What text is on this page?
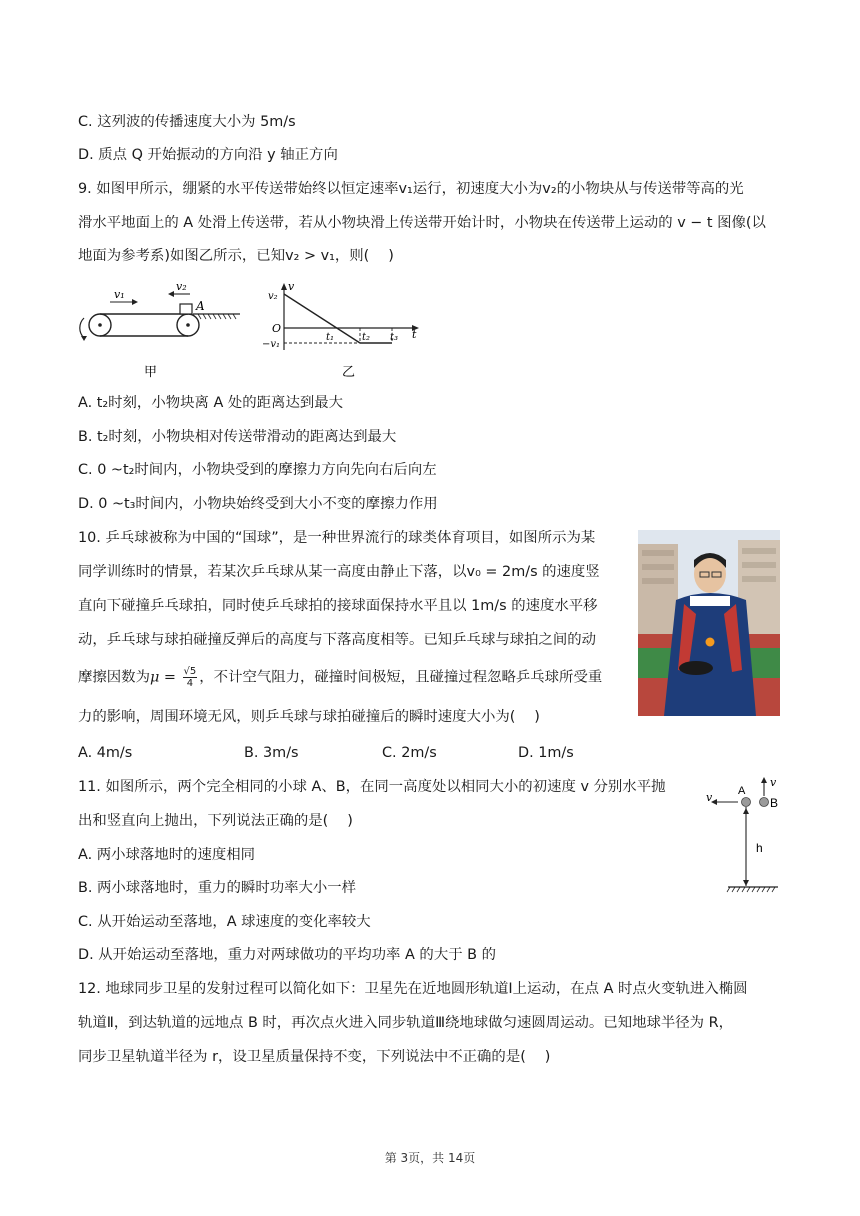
C. 这列波的传播速度大小为 5m/s
D. 质点 Q 开始振动的方向沿 y 轴正方向
9. 如图甲所示，绷紧的水平传送带始终以恒定速率v₁运行，初速度大小为v₂的小物块从与传送带等高的光
滑水平地面上的 A 处滑上传送带，若从小物块滑上传送带开始计时，小物块在传送带上运动的 v − t 图像(以
地面为参考系)如图乙所示，已知v₂ > v₁，则(　 )
v₁
v₂
A
甲
v
v₂
O
t₁	t₂ t₃ t
−v₁
乙
A. t₂时刻，小物块离 A 处的距离达到最大
B. t₂时刻，小物块相对传送带滑动的距离达到最大
C. 0 ~t₂时间内，小物块受到的摩擦力方向先向右后向左
D. 0 ~t₃时间内，小物块始终受到大小不变的摩擦力作用
10. 乒乓球被称为中国的“国球”，是一种世界流行的球类体育项目，如图所示为某
同学训练时的情景，若某次乒乓球从某一高度由静止下落，以v₀ = 2m/s 的速度竖
直向下碰撞乒乓球拍，同时使乒乓球拍的接球面保持水平且以 1m/s 的速度水平移
动，乒乓球与球拍碰撞反弹后的高度与下落高度相等。已知乒乓球与球拍之间的动
摩擦因数为$\mu = \frac{√5}{4}$ ，不计空气阻力，碰撞时间极短，且碰撞过程忽略乒乓球所受重
力的影响，周围环境无风，则乒乓球与球拍碰撞后的瞬时速度大小为(　 )
A. 4m/s	B. 3m/s	C. 2m/s	D. 1m/s
11. 如图所示，两个完全相同的小球 A、B，在同一高度处以相同大小的初速度 v 分别水平抛
出和竖直向上抛出，下列说法正确的是(　 )
v A
v
B
h
A. 两小球落地时的速度相同
B. 两小球落地时，重力的瞬时功率大小一样
C. 从开始运动至落地，A 球速度的变化率较大
D. 从开始运动至落地，重力对两球做功的平均功率 A 的大于 B 的
12. 地球同步卫星的发射过程可以简化如下：卫星先在近地圆形轨道Ⅰ上运动，在点 A 时点火变轨进入椭圆
轨道Ⅱ，到达轨道的远地点 B 时，再次点火进入同步轨道Ⅲ绕地球做匀速圆周运动。已知地球半径为 R，
同步卫星轨道半径为 r，设卫星质量保持不变，下列说法中不正确的是(　 )
第 3页，共 14页
